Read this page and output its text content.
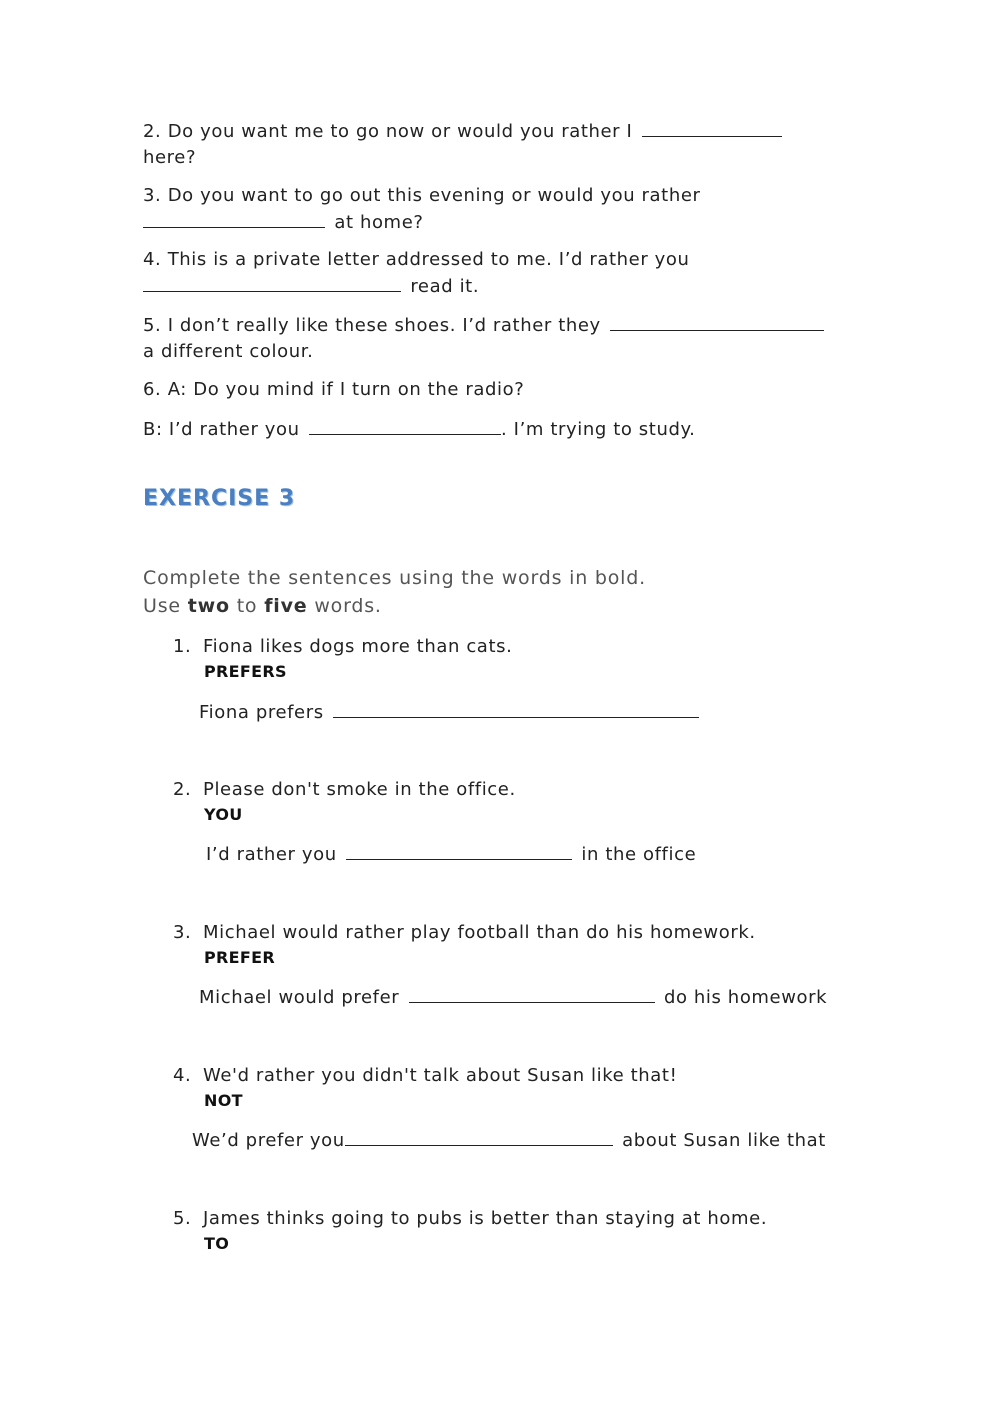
2. Do you want me to go now or would you rather I
here?

3. Do you want to go out this evening or would you rather
at home?

4. This is a private letter addressed to me. I’d rather you
read it.

5. I don’t really like these shoes. I’d rather they
a different colour.

6. A: Do you mind if I turn on the radio?

B: I’d rather you	. I’m trying to study.

EXERCISE 3

Complete the sentences using the words in bold.

Use two to five words.

1. Fiona likes dogs more than cats.
PREFERS
Fiona prefers
2. Please don't smoke in the office.
YOU
I’d rather you	in the office
3. Michael would rather play football than do his homework.
PREFER
Michael would prefer	do his homework
4. We'd rather you didn't talk about Susan like that!
NOT
We’d prefer you	about Susan like that
5. James thinks going to pubs is better than staying at home.
TO
